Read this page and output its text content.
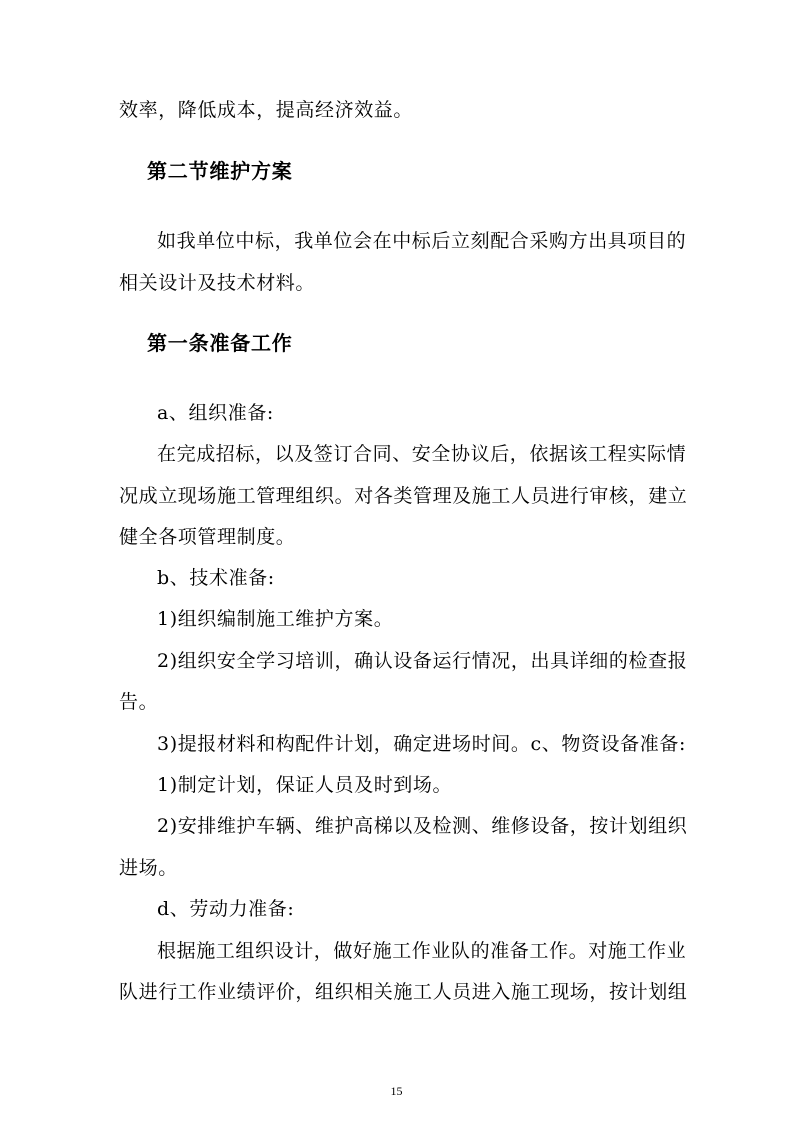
效率，降低成本，提高经济效益。
第二节维护方案
如我单位中标，我单位会在中标后立刻配合采购方出具项目的
相关设计及技术材料。
第一条准备工作
a、组织准备:
在完成招标，以及签订合同、安全协议后，依据该工程实际情
况成立现场施工管理组织。对各类管理及施工人员进行审核，建立
健全各项管理制度。
b、技术准备:
1)组织编制施工维护方案。
2)组织安全学习培训，确认设备运行情况，出具详细的检查报
告。
3)提报材料和构配件计划，确定进场时间。c、物资设备准备:
1)制定计划，保证人员及时到场。
2)安排维护车辆、维护高梯以及检测、维修设备，按计划组织
进场。
d、劳动力准备:
根据施工组织设计，做好施工作业队的准备工作。对施工作业
队进行工作业绩评价，组织相关施工人员进入施工现场，按计划组
15
